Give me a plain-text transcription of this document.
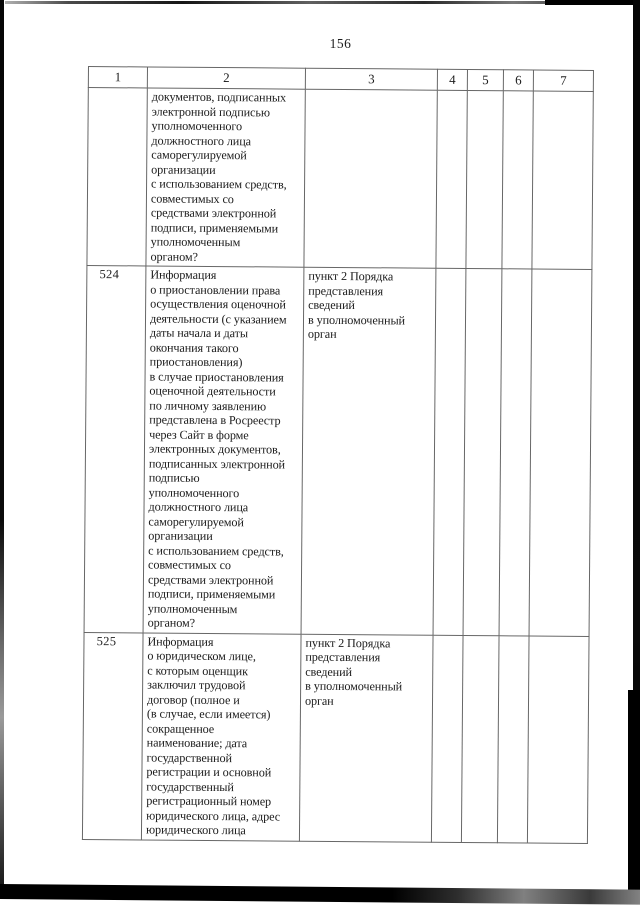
156
1	2	3	4	5	6	7
	документов, подписанных
электронной подписью
уполномоченного
должностного лица
саморегулируемой
организации
с использованием средств,
совместимых со
средствами электронной
подписи, применяемыми
уполномоченным
органом?					
524	Информация
о приостановлении права
осуществления оценочной
деятельности (с указанием
даты начала и даты
окончания такого
приостановления)
в случае приостановления
оценочной деятельности
по личному заявлению
представлена в Росреестр
через Сайт в форме
электронных документов,
подписанных электронной
подписью
уполномоченного
должностного лица
саморегулируемой
организации
с использованием средств,
совместимых со
средствами электронной
подписи, применяемыми
уполномоченным
органом?	пункт 2 Порядка
представления
сведений
в уполномоченный
орган				
525	Информация
о юридическом лице,
с которым оценщик
заключил трудовой
договор (полное и
(в случае, если имеется)
сокращенное
наименование; дата
государственной
регистрации и основной
государственный
регистрационный номер
юридического лица, адрес
юридического лица	пункт 2 Порядка
представления
сведений
в уполномоченный
орган				
